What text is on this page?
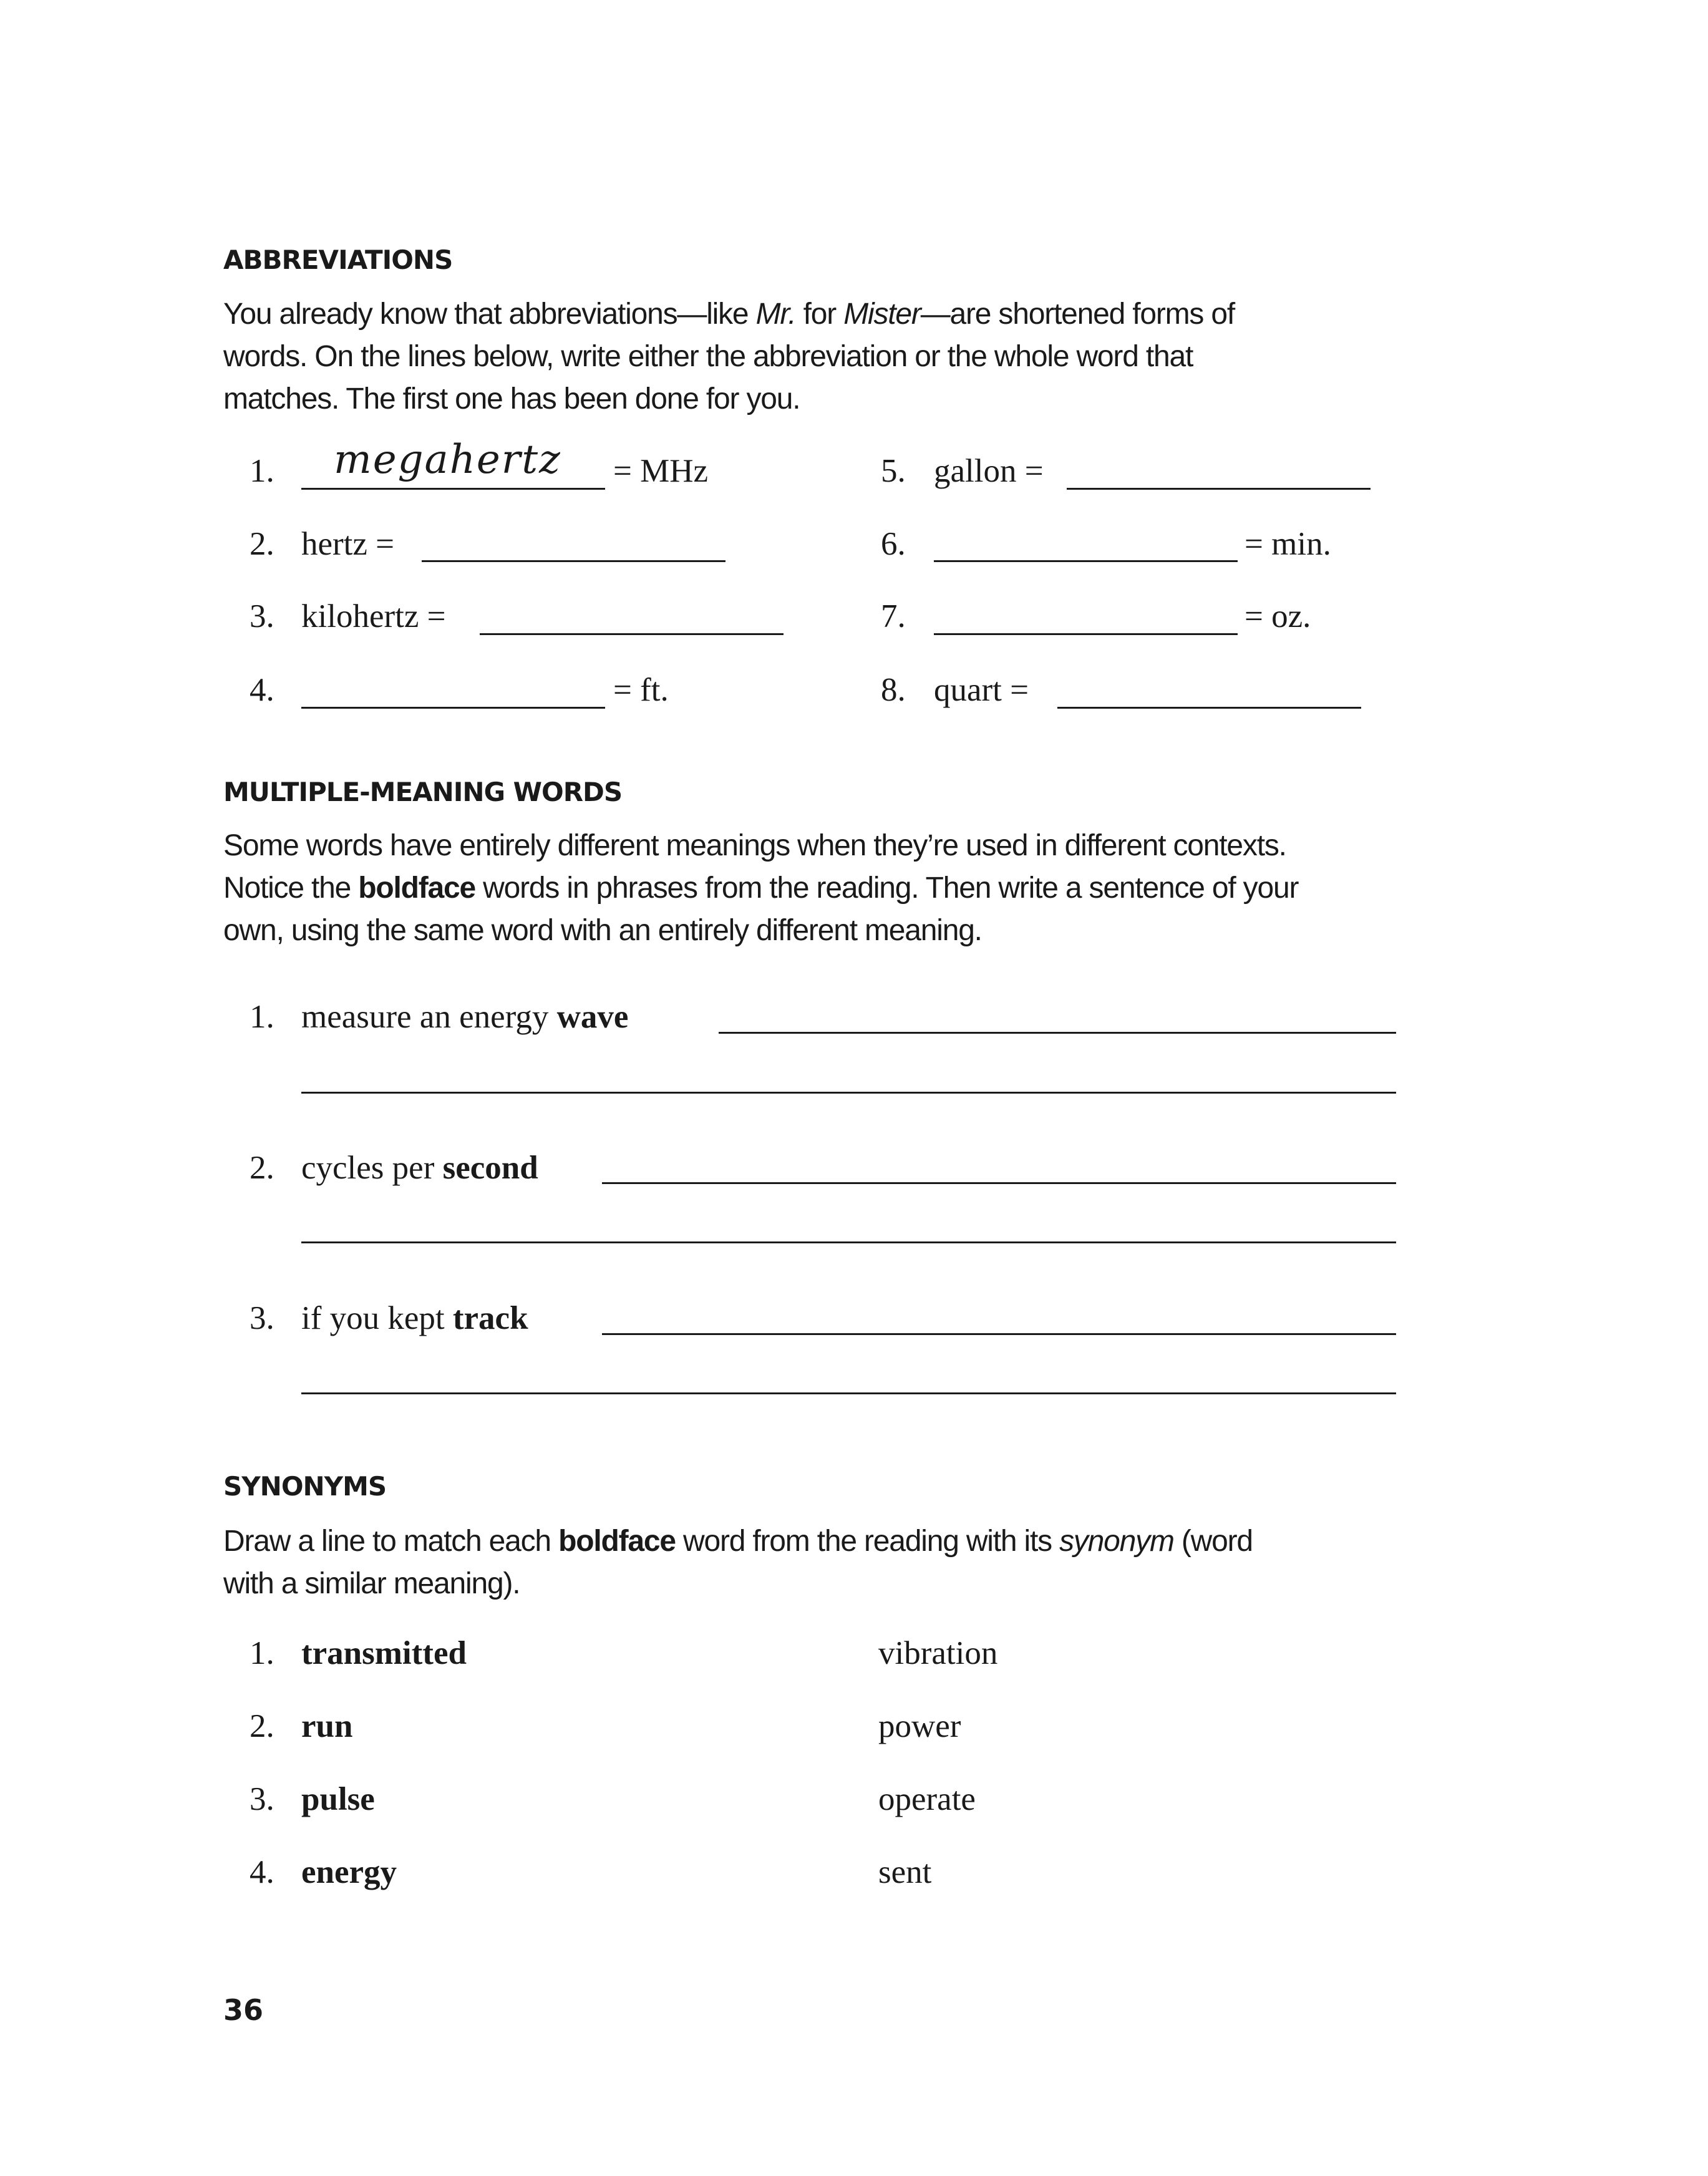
ABBREVIATIONS
You already know that abbreviations—like Mr. for Mister—are shortened forms of
words. On the lines below, write either the abbreviation or the whole word that
matches. The first one has been done for you.
1. megahertz = MHz
2. hertz =
3. kilohertz =
4.	= ft.
5. gallon =
6.	= min.
7.	= oz.
8. quart =
MULTIPLE-MEANING WORDS
Some words have entirely different meanings when they’re used in different contexts.
Notice the boldface words in phrases from the reading. Then write a sentence of your
own, using the same word with an entirely different meaning.
1. measure an energy wave
2. cycles per second
3. if you kept track
SYNONYMS
Draw a line to match each boldface word from the reading with its synonym (word
with a similar meaning).
1. transmitted	vibration
2. run	power
3. pulse	operate
4. energy	sent
36
